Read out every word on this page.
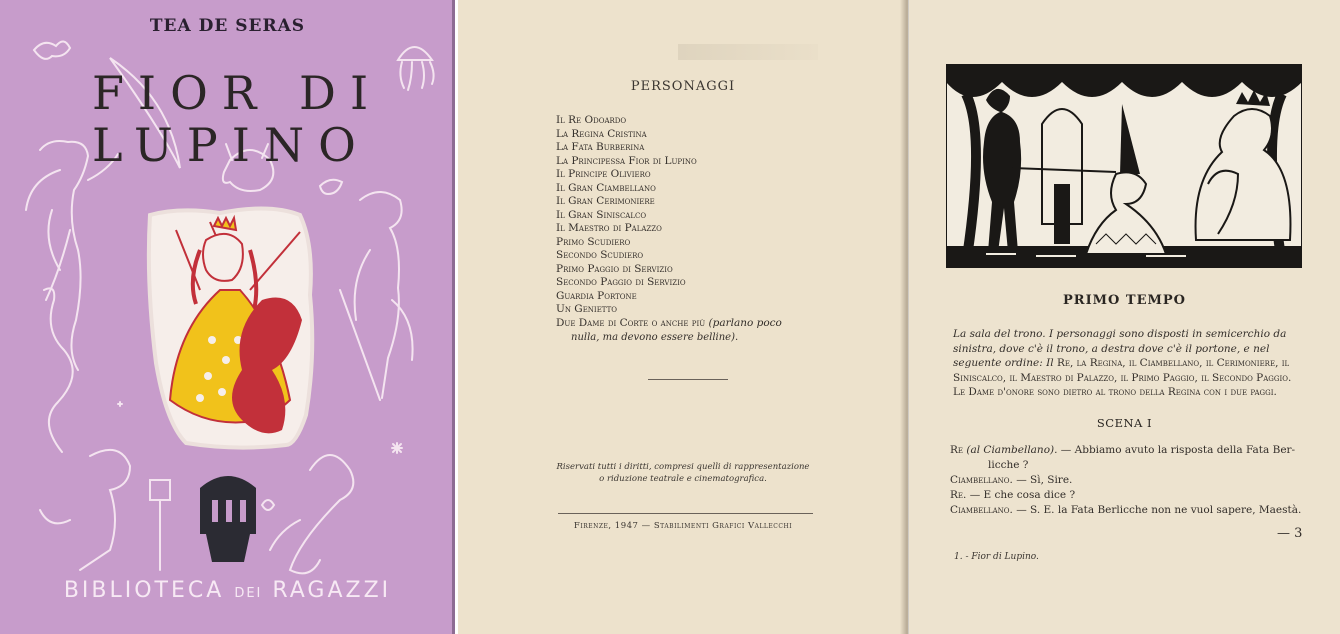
TEA DE SERAS
FIOR DI
LUPINO
BIBLIOTECA DEI RAGAZZI
PERSONAGGI
Il Re Odoardo
La Regina Cristina
La Fata Burberina
La Principessa Fior di Lupino
Il Principe Oliviero
Il Gran Ciambellano
Il Gran Cerimoniere
Il Gran Siniscalco
Il Maestro di Palazzo
Primo Scudiero
Secondo Scudiero
Primo Paggio di Servizio
Secondo Paggio di Servizio
Guardia Portone
Un Genietto
Due Dame di Corte o anche più (parlano poco
nulla, ma devono essere belline).
Riservati tutti i diritti, compresi quelli di rappresentazione
o riduzione teatrale e cinematografica.
Firenze, 1947 — Stabilimenti Grafici Vallecchi
PRIMO TEMPO
La sala del trono. I personaggi sono disposti in semicerchio da sinistra, dove c'è il trono, a destra dove c'è il portone, e nel seguente ordine: Il Re, la Regina, il Ciambellano, il Cerimoniere, il Siniscalco, il Maestro di Palazzo, il Primo Paggio, il Secondo Paggio. Le Dame d'onore sono dietro al trono della Regina con i due paggi.
SCENA I
Re (al Ciambellano). — Abbiamo avuto la risposta della Fata Ber-
licche ?
Ciambellano. — Sì, Sire.
Re. — E che cosa dice ?
Ciambellano. — S. E. la Fata Berlicche non ne vuol sapere, Maestà.
— 3
1. - Fior di Lupino.
